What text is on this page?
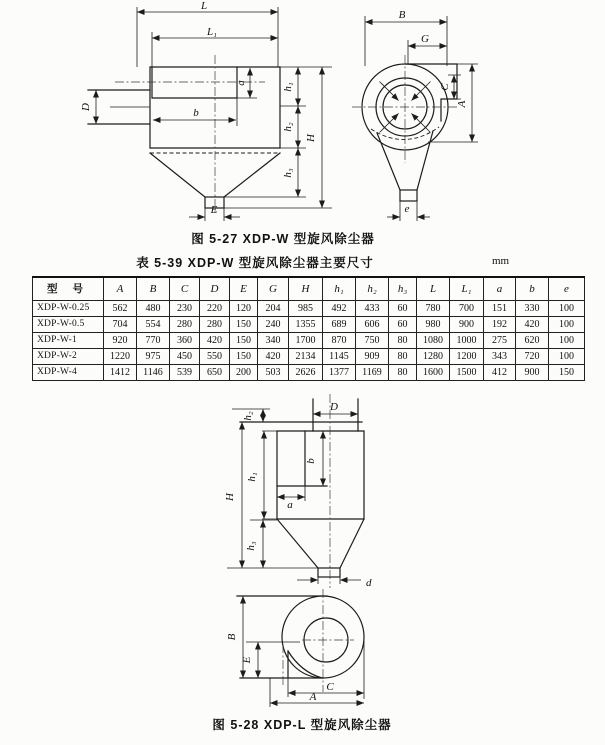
L
L₁
a
D	b
h₁
h₂
h₃
H
E
B
G
C
A
e
图 5-27 XDP-W 型旋风除尘器
表 5-39 XDP-W 型旋风除尘器主要尺寸	mm
型 号	A	B	C	D	E	G	H	h₁	h₂	h₃	L	L₁	a	b	e
XDP-W-0.25	562	480	230	220	120	204	985	492	433	60	780	700	151	330	100
XDP-W-0.5	704	554	280	280	150	240	1355	689	606	60	980	900	192	420	100
XDP-W-1	920	770	360	420	150	340	1700	870	750	80	1080	1000	275	620	100
XDP-W-2	1220	975	450	550	150	420	2134	1145	909	80	1280	1200	343	720	100
XDP-W-4	1412	1146	539	650	200	503	2626	1377	1169	80	1600	1500	412	900	150
h₂
D
b
a
h₁
H
h₃
d
B
E
C
A
图 5-28 XDP-L 型旋风除尘器
